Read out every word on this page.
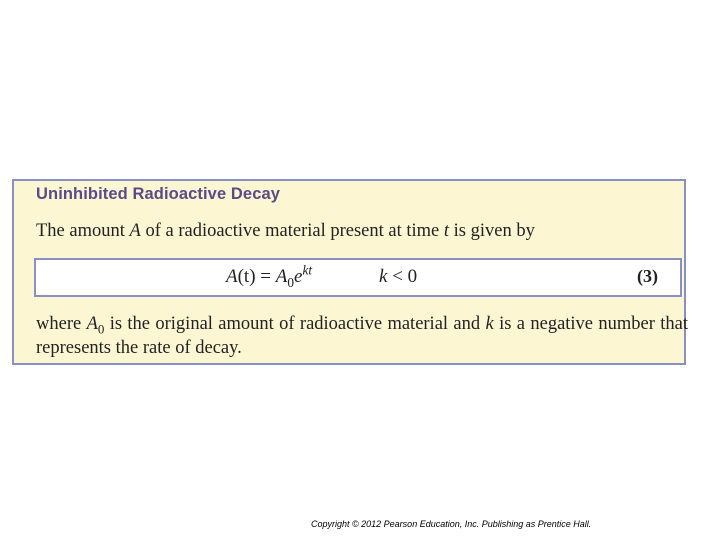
Uninhibited Radioactive Decay
The amount A of a radioactive material present at time t is given by
$A(t) = A_0e^{kt}$	k < 0	(3)
where $A_0$ is the original amount of radioactive material and k is a negative number that represents the rate of decay.
Copyright © 2012 Pearson Education, Inc. Publishing as Prentice Hall.
